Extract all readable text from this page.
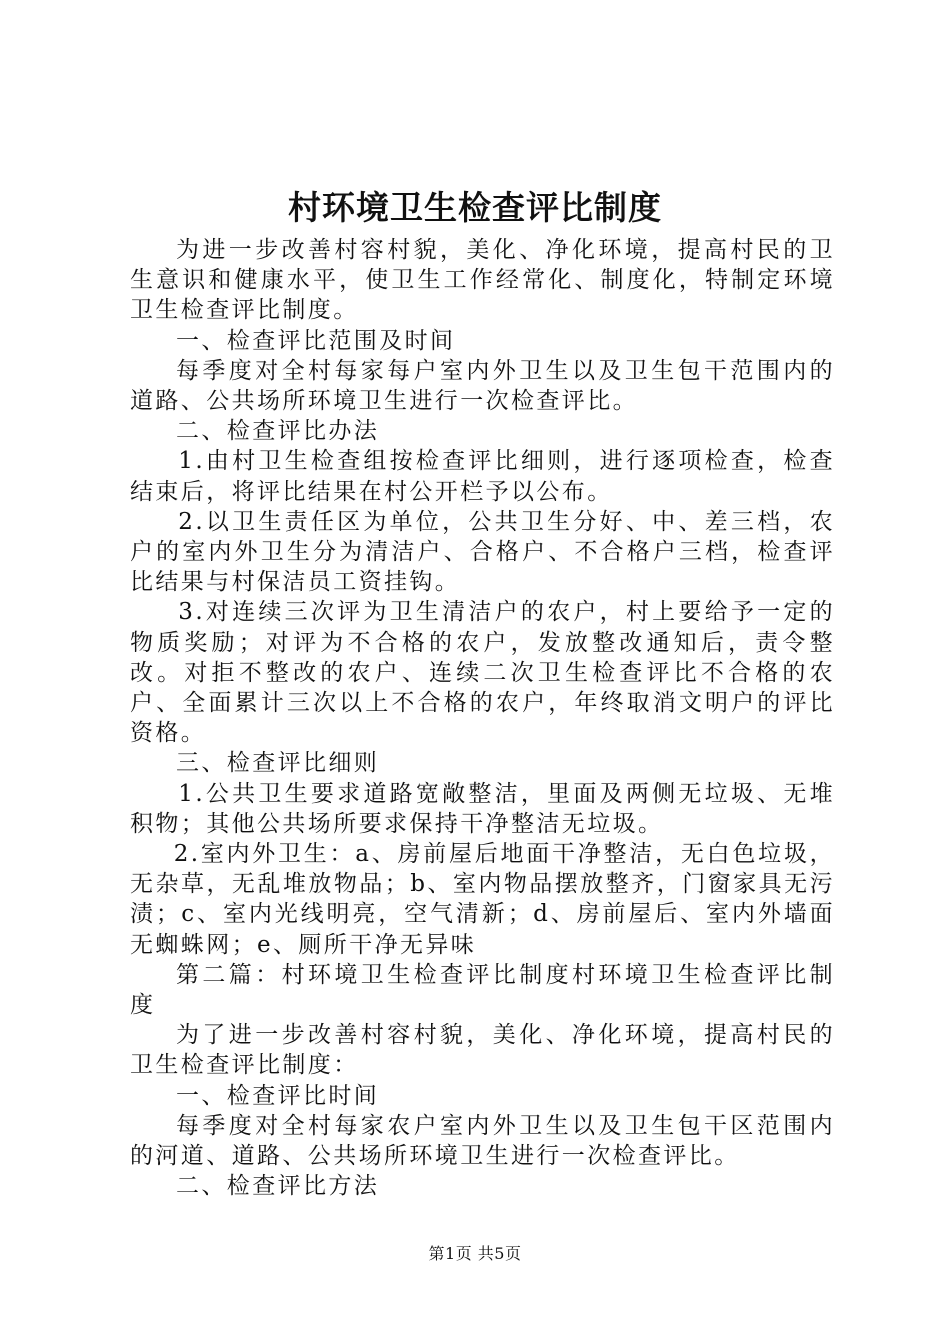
村环境卫生检查评比制度

为进一步改善村容村貌，美化、净化环境，提高村民的卫生意识和健康水平，使卫生工作经常化、制度化，特制定环境卫生检查评比制度。

一、检查评比范围及时间

每季度对全村每家每户室内外卫生以及卫生包干范围内的道路、公共场所环境卫生进行一次检查评比。

二、检查评比办法

1.由村卫生检查组按检查评比细则，进行逐项检查，检查结束后，将评比结果在村公开栏予以公布。

2.以卫生责任区为单位，公共卫生分好、中、差三档，农户的室内外卫生分为清洁户、合格户、不合格户三档，检查评比结果与村保洁员工资挂钩。

3.对连续三次评为卫生清洁户的农户，村上要给予一定的物质奖励；对评为不合格的农户，发放整改通知后，责令整改。对拒不整改的农户、连续二次卫生检查评比不合格的农户、全面累计三次以上不合格的农户，年终取消文明户的评比资格。

三、检查评比细则

1.公共卫生要求道路宽敞整洁，里面及两侧无垃圾、无堆积物；其他公共场所要求保持干净整洁无垃圾。

2.室内外卫生：a、房前屋后地面干净整洁，无白色垃圾，无杂草，无乱堆放物品；b、室内物品摆放整齐，门窗家具无污渍；c、室内光线明亮，空气清新；d、房前屋后、室内外墙面无蜘蛛网；e、厕所干净无异味

第二篇：村环境卫生检查评比制度村环境卫生检查评比制度

为了进一步改善村容村貌，美化、净化环境，提高村民的卫生检查评比制度：

一、检查评比时间

每季度对全村每家农户室内外卫生以及卫生包干区范围内的河道、道路、公共场所环境卫生进行一次检查评比。

二、检查评比方法

第1页 共5页
